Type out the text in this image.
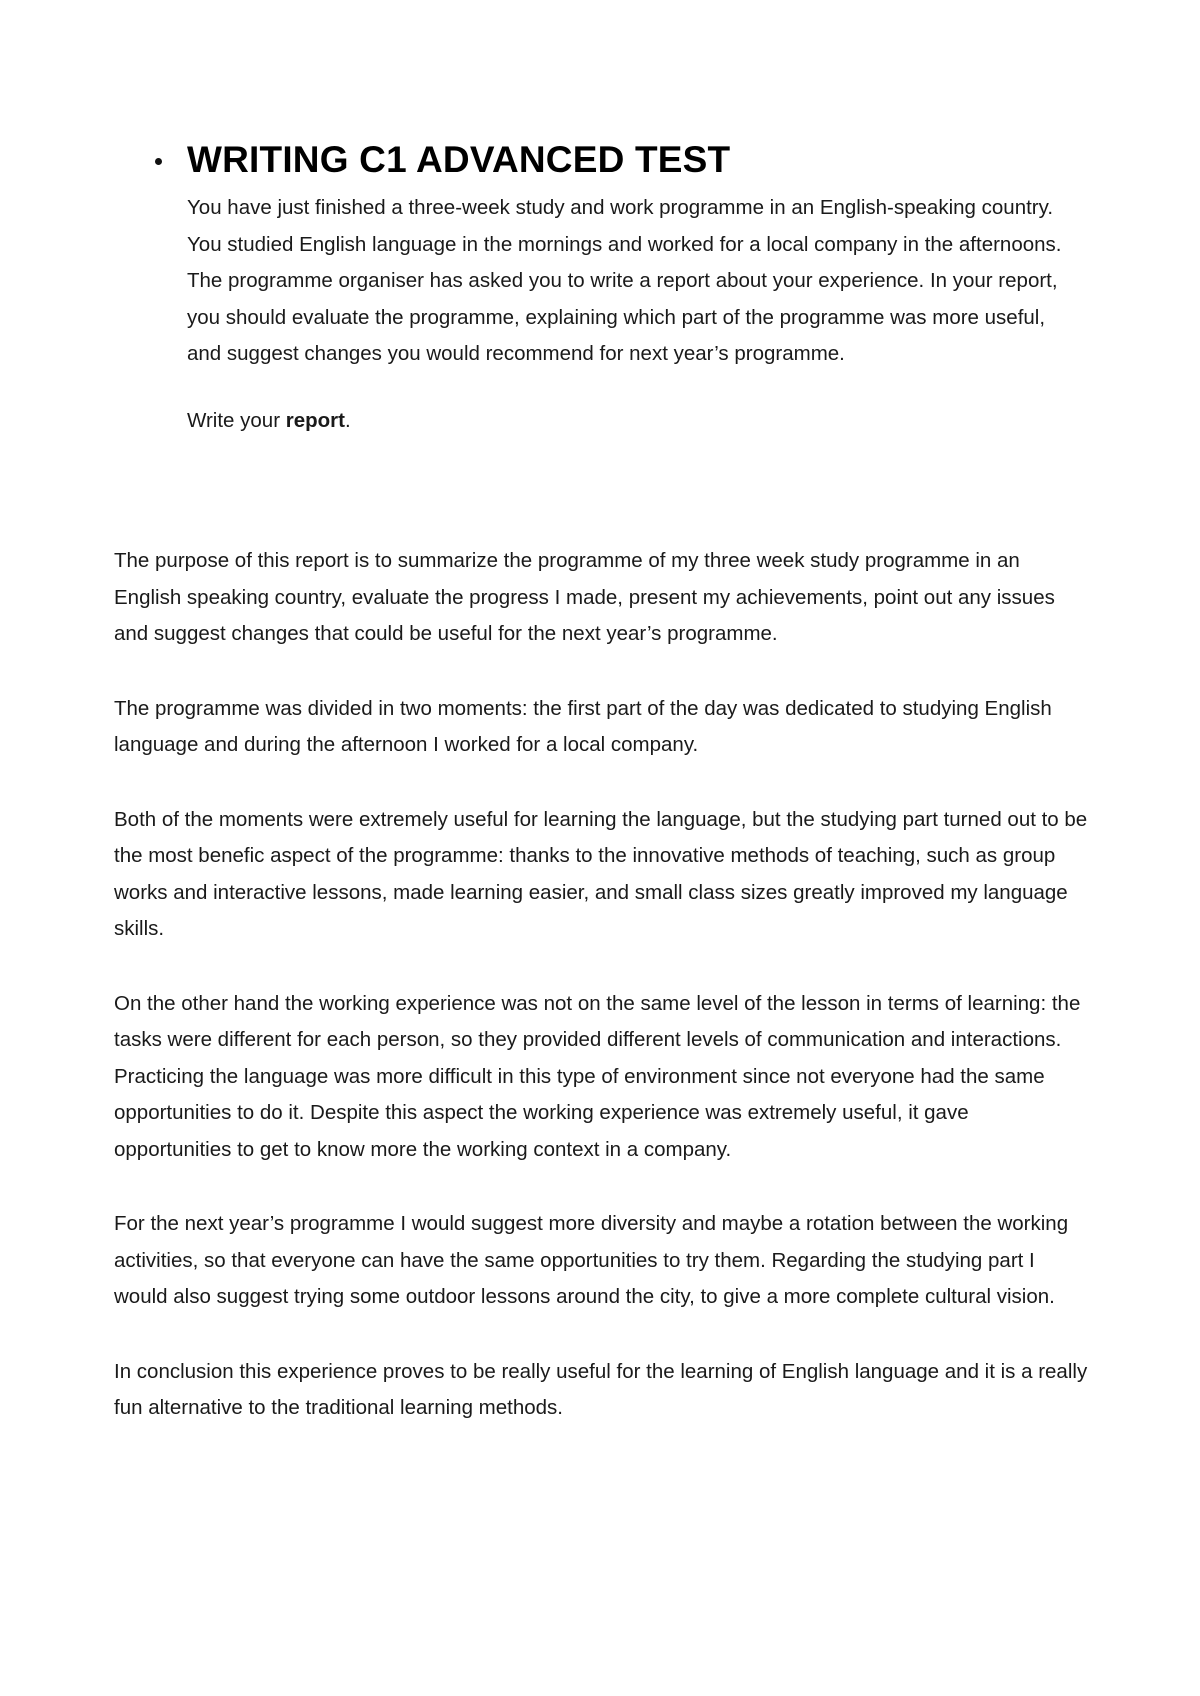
WRITING C1 ADVANCED TEST

You have just finished a three-week study and work programme in an English-speaking country. You studied English language in the mornings and worked for a local company in the afternoons. The programme organiser has asked you to write a report about your experience. In your report, you should evaluate the programme, explaining which part of the programme was more useful, and suggest changes you would recommend for next year’s programme.

Write your report.

The purpose of this report is to summarize the programme of my three week study programme in an English speaking country, evaluate the progress I made, present my achievements, point out any issues and suggest changes that could be useful for the next year’s programme.

The programme was divided in two moments: the first part of the day was dedicated to studying English language and during the afternoon I worked for a local company.

Both of the moments were extremely useful for learning the language, but the studying part turned out to be the most benefic aspect of the programme: thanks to the innovative methods of teaching, such as group works and interactive lessons, made learning easier, and small class sizes greatly improved my language skills.

On the other hand the working experience was not on the same level of the lesson in terms of learning: the tasks were different for each person, so they provided different levels of communication and interactions. Practicing the language was more difficult in this type of environment since not everyone had the same opportunities to do it. Despite this aspect the working experience was extremely useful, it gave opportunities to get to know more the working context in a company.

For the next year’s programme I would suggest more diversity and maybe a rotation between the working activities, so that everyone can have the same opportunities to try them. Regarding the studying part I would also suggest trying some outdoor lessons around the city, to give a more complete cultural vision.

In conclusion this experience proves to be really useful for the learning of English language and it is a really fun alternative to the traditional learning methods.
